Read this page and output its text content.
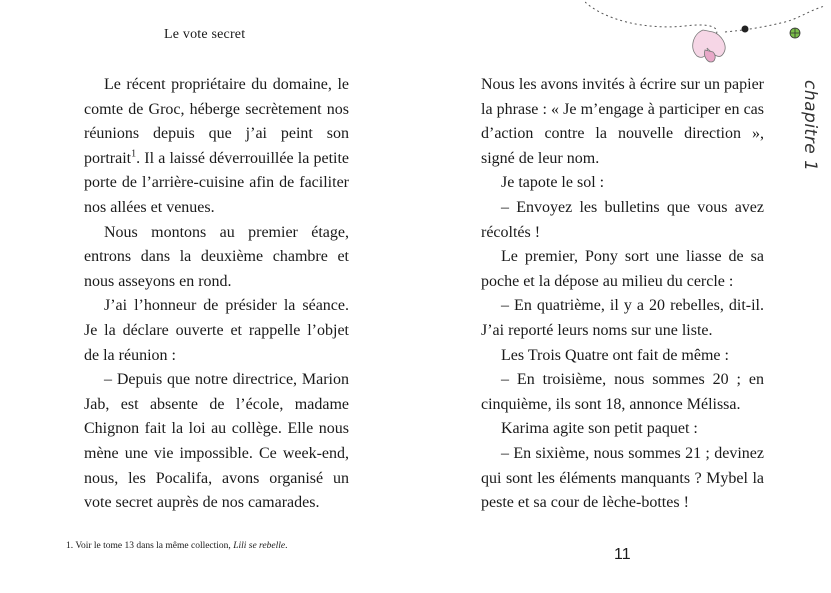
Le vote secret

Le récent propriétaire du domaine, le comte de Groc, héberge secrètement nos réunions depuis que j’ai peint son portrait$^1$. Il a laissé déverrouillée la petite porte de l’arrière-cuisine afin de faciliter nos allées et venues.

Nous montons au premier étage, entrons dans la deuxième chambre et nous asseyons en rond.

J’ai l’honneur de présider la séance. Je la déclare ouverte et rappelle l’objet de la réunion :

– Depuis que notre directrice, Marion Jab, est absente de l’école, madame Chignon fait la loi au collège. Elle nous mène une vie impossible. Ce week-end, nous, les Pocalifa, avons organisé un vote secret auprès de nos camarades.

Nous les avons invités à écrire sur un papier la phrase : « Je m’engage à participer en cas d’action contre la nouvelle direction », signé de leur nom.

Je tapote le sol :

– Envoyez les bulletins que vous avez récoltés !

Le premier, Pony sort une liasse de sa poche et la dépose au milieu du cercle :

– En quatrième, il y a 20 rebelles, dit-il. J’ai reporté leurs noms sur une liste.

Les Trois Quatre ont fait de même :

– En troisième, nous sommes 20 ; en cinquième, ils sont 18, annonce Mélissa.

Karima agite son petit paquet :

– En sixième, nous sommes 21 ; devinez qui sont les éléments manquants ? Mybel la peste et sa cour de lèche-bottes !

1. Voir le tome 13 dans la même collection, Lili se rebelle.	11
chapitre 1
